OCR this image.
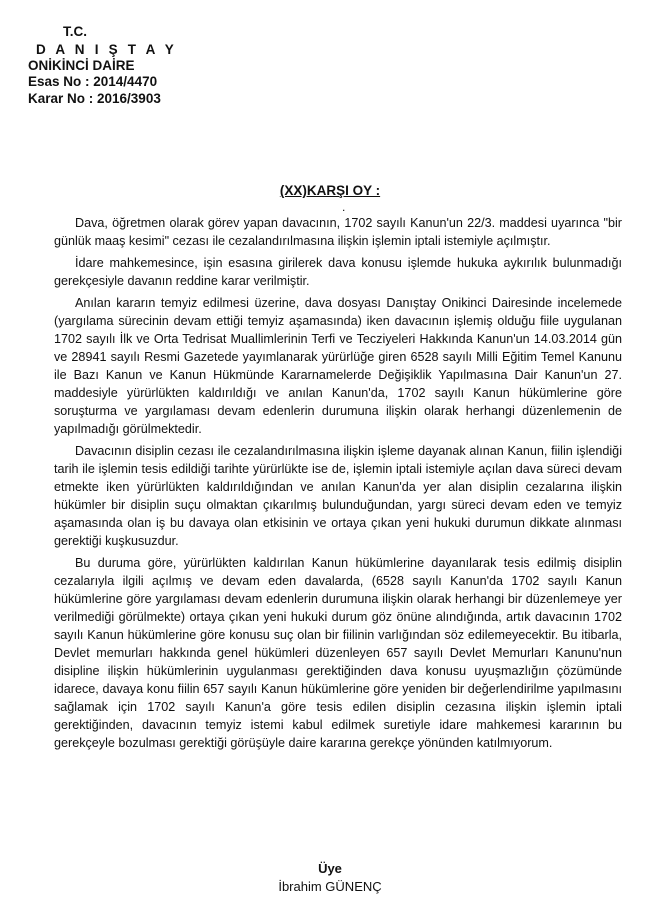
T.C.
D A N I Ş T A Y
ONİKİNCİ DAİRE
Esas No : 2014/4470
Karar No : 2016/3903
(XX)KARŞI OY :
.

Dava, öğretmen olarak görev yapan davacının, 1702 sayılı Kanun'un 22/3. maddesi uyarınca "bir günlük maaş kesimi" cezası ile cezalandırılmasına ilişkin işlemin iptali istemiyle açılmıştır.

İdare mahkemesince, işin esasına girilerek dava konusu işlemde hukuka aykırılık bulunmadığı gerekçesiyle davanın reddine karar verilmiştir.

Anılan kararın temyiz edilmesi üzerine, dava dosyası Danıştay Onikinci Dairesinde incelemede (yargılama sürecinin devam ettiği temyiz aşamasında) iken davacının işlemiş olduğu fiile uygulanan 1702 sayılı İlk ve Orta Tedrisat Muallimlerinin Terfi ve Tecziyeleri Hakkında Kanun'un 14.03.2014 gün ve 28941 sayılı Resmi Gazetede yayımlanarak yürürlüğe giren 6528 sayılı Milli Eğitim Temel Kanunu ile Bazı Kanun ve Kanun Hükmünde Kararnamelerde Değişiklik Yapılmasına Dair Kanun'un 27. maddesiyle yürürlükten kaldırıldığı ve anılan Kanun'da, 1702 sayılı Kanun hükümlerine göre soruşturma ve yargılaması devam edenlerin durumuna ilişkin olarak herhangi düzenlemenin de yapılmadığı görülmektedir.

Davacının disiplin cezası ile cezalandırılmasına ilişkin işleme dayanak alınan Kanun, fiilin işlendiği tarih ile işlemin tesis edildiği tarihte yürürlükte ise de, işlemin iptali istemiyle açılan dava süreci devam etmekte iken yürürlükten kaldırıldığından ve anılan Kanun'da yer alan disiplin cezalarına ilişkin hükümler bir disiplin suçu olmaktan çıkarılmış bulunduğundan, yargı süreci devam eden ve temyiz aşamasında olan iş bu davaya olan etkisinin ve ortaya çıkan yeni hukuki durumun dikkate alınması gerektiği kuşkusuzdur.

Bu duruma göre, yürürlükten kaldırılan Kanun hükümlerine dayanılarak tesis edilmiş disiplin cezalarıyla ilgili açılmış ve devam eden davalarda, (6528 sayılı Kanun'da 1702 sayılı Kanun hükümlerine göre yargılaması devam edenlerin durumuna ilişkin olarak herhangi bir düzenlemeye yer verilmediği görülmekte) ortaya çıkan yeni hukuki durum göz önüne alındığında, artık davacının 1702 sayılı Kanun hükümlerine göre konusu suç olan bir fiilinin varlığından söz edilemeyecektir. Bu itibarla, Devlet memurları hakkında genel hükümleri düzenleyen 657 sayılı Devlet Memurları Kanunu'nun disipline ilişkin hükümlerinin uygulanması gerektiğinden dava konusu uyuşmazlığın çözümünde idarece, davaya konu fiilin 657 sayılı Kanun hükümlerine göre yeniden bir değerlendirilme yapılmasını sağlamak için 1702 sayılı Kanun'a göre tesis edilen disiplin cezasına ilişkin işlemin iptali gerektiğinden, davacının temyiz istemi kabul edilmek suretiyle idare mahkemesi kararının bu gerekçeyle bozulması gerektiği görüşüyle daire kararına gerekçe yönünden katılmıyorum.

Üye
İbrahim GÜNENÇ
